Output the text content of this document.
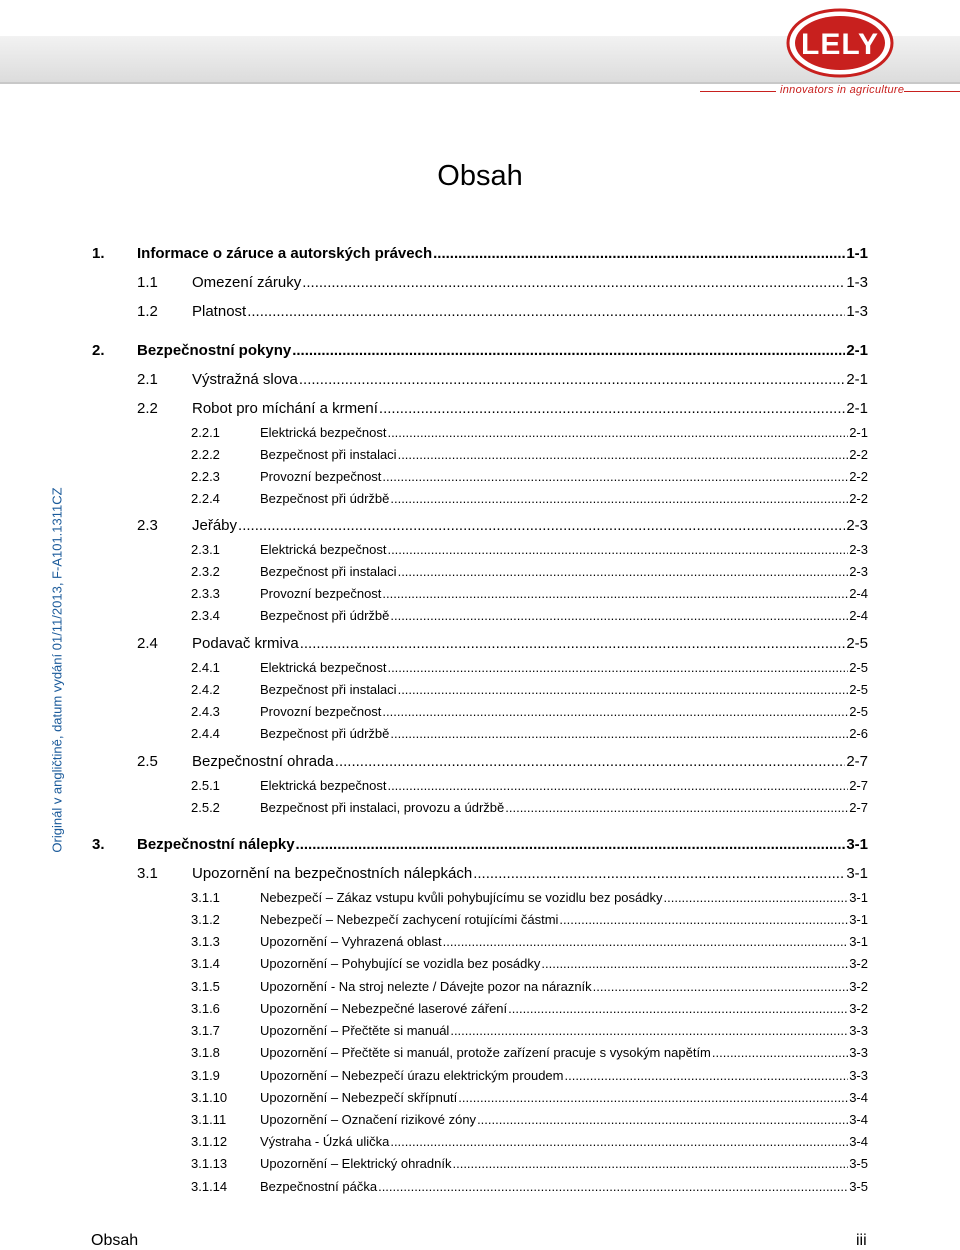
LELY
innovators in agriculture
Originál v angličtině, datum vydání 01/11/2013, F-A101.1311CZ
Obsah
1.	Informace o záruce a autorských právech .....	1-1
1.1	Omezení záruky .....	1-3
1.2	Platnost .....	1-3
2.	Bezpečnostní pokyny .....	2-1
2.1	Výstražná slova .....	2-1
2.2	Robot pro míchání a krmení .....	2-1
2.2.1	Elektrická bezpečnost .....	2-1
2.2.2	Bezpečnost při instalaci .....	2-2
2.2.3	Provozní bezpečnost .....	2-2
2.2.4	Bezpečnost při údržbě .....	2-2
2.3	Jeřáby .....	2-3
2.3.1	Elektrická bezpečnost .....	2-3
2.3.2	Bezpečnost při instalaci .....	2-3
2.3.3	Provozní bezpečnost .....	2-4
2.3.4	Bezpečnost při údržbě .....	2-4
2.4	Podavač krmiva .....	2-5
2.4.1	Elektrická bezpečnost .....	2-5
2.4.2	Bezpečnost při instalaci .....	2-5
2.4.3	Provozní bezpečnost .....	2-5
2.4.4	Bezpečnost při údržbě .....	2-6
2.5	Bezpečnostní ohrada .....	2-7
2.5.1	Elektrická bezpečnost .....	2-7
2.5.2	Bezpečnost při instalaci, provozu a údržbě .....	2-7
3.	Bezpečnostní nálepky .....	3-1
3.1	Upozornění na bezpečnostních nálepkách .....	3-1
3.1.1	Nebezpečí – Zákaz vstupu kvůli pohybujícímu se vozidlu bez posádky .....	3-1
3.1.2	Nebezpečí – Nebezpečí zachycení rotujícími částmi .....	3-1
3.1.3	Upozornění – Vyhrazená oblast .....	3-1
3.1.4	Upozornění – Pohybující se vozidla bez posádky .....	3-2
3.1.5	Upozornění - Na stroj nelezte / Dávejte pozor na nárazník .....	3-2
3.1.6	Upozornění – Nebezpečné laserové záření .....	3-2
3.1.7	Upozornění – Přečtěte si manuál .....	3-3
3.1.8	Upozornění – Přečtěte si manuál, protože zařízení pracuje s vysokým napětím .....	3-3
3.1.9	Upozornění – Nebezpečí úrazu elektrickým proudem .....	3-3
3.1.10	Upozornění – Nebezpečí skřípnutí .....	3-4
3.1.11	Upozornění – Označení rizikové zóny .....	3-4
3.1.12	Výstraha - Úzká ulička .....	3-4
3.1.13	Upozornění – Elektrický ohradník .....	3-5
3.1.14	Bezpečnostní páčka .....	3-5
Obsah	iii
